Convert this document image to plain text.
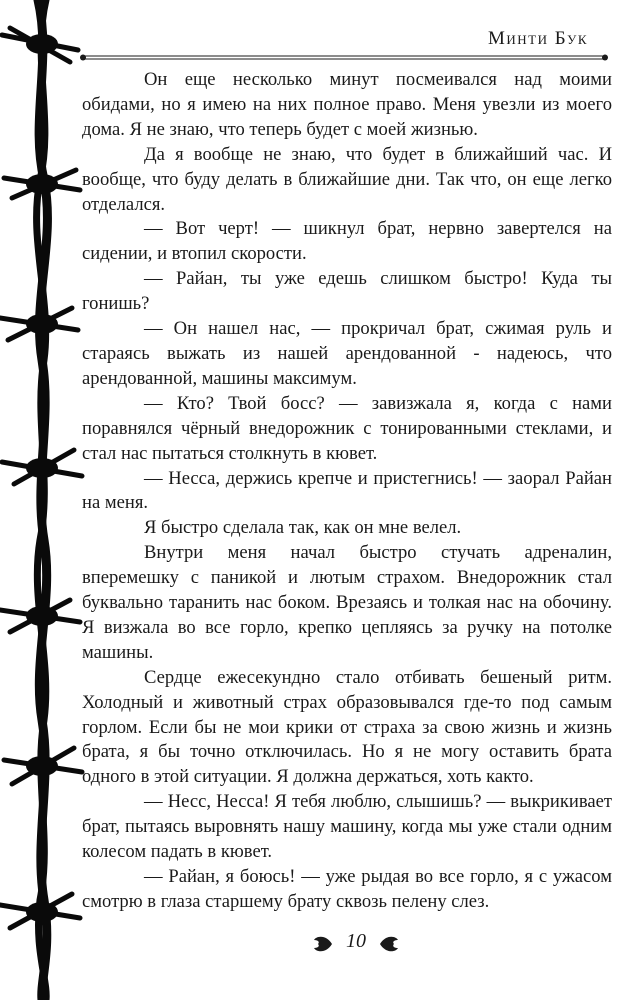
Минти Бук

Он еще несколько минут посмеивался над моими обидами, но я имею на них полное право. Меня увезли из моего дома. Я не знаю, что теперь будет с моей жизнью.

Да я вообще не знаю, что будет в ближайший час. И вообще, что буду делать в ближайшие дни. Так что, он еще легко отделался.

— Вот черт! — шикнул брат, нервно завертелся на сидении, и втопил скорости.

— Райан, ты уже едешь слишком быстро! Куда ты гонишь?

— Он нашел нас, — прокричал брат, сжимая руль и стараясь выжать из нашей арендованной - надеюсь, что арендованной, машины максимум.

— Кто? Твой босс? — завизжала я, когда с нами поравнялся чёрный внедорожник с тонированными стеклами, и стал нас пытаться столкнуть в кювет.

— Несса, держись крепче и пристегнись! — заорал Райан на меня.

Я быстро сделала так, как он мне велел.

Внутри меня начал быстро стучать адреналин, вперемешку с паникой и лютым страхом. Внедорожник стал буквально таранить нас боком. Врезаясь и толкая нас на обочину. Я визжала во все горло, крепко цепляясь за ручку на потолке машины.

Сердце ежесекундно стало отбивать бешеный ритм. Холодный и животный страх образовывался где-то под самым горлом. Если бы не мои крики от страха за свою жизнь и жизнь брата, я бы точно отключилась. Но я не могу оставить брата одного в этой ситуации. Я должна держаться, хоть както.

— Несс, Несса! Я тебя люблю, слышишь? — выкрикивает брат, пытаясь выровнять нашу машину, когда мы уже стали одним колесом падать в кювет.

— Райан, я боюсь! — уже рыдая во все горло, я с ужасом смотрю в глаза старшему брату сквозь пелену слез.

10
